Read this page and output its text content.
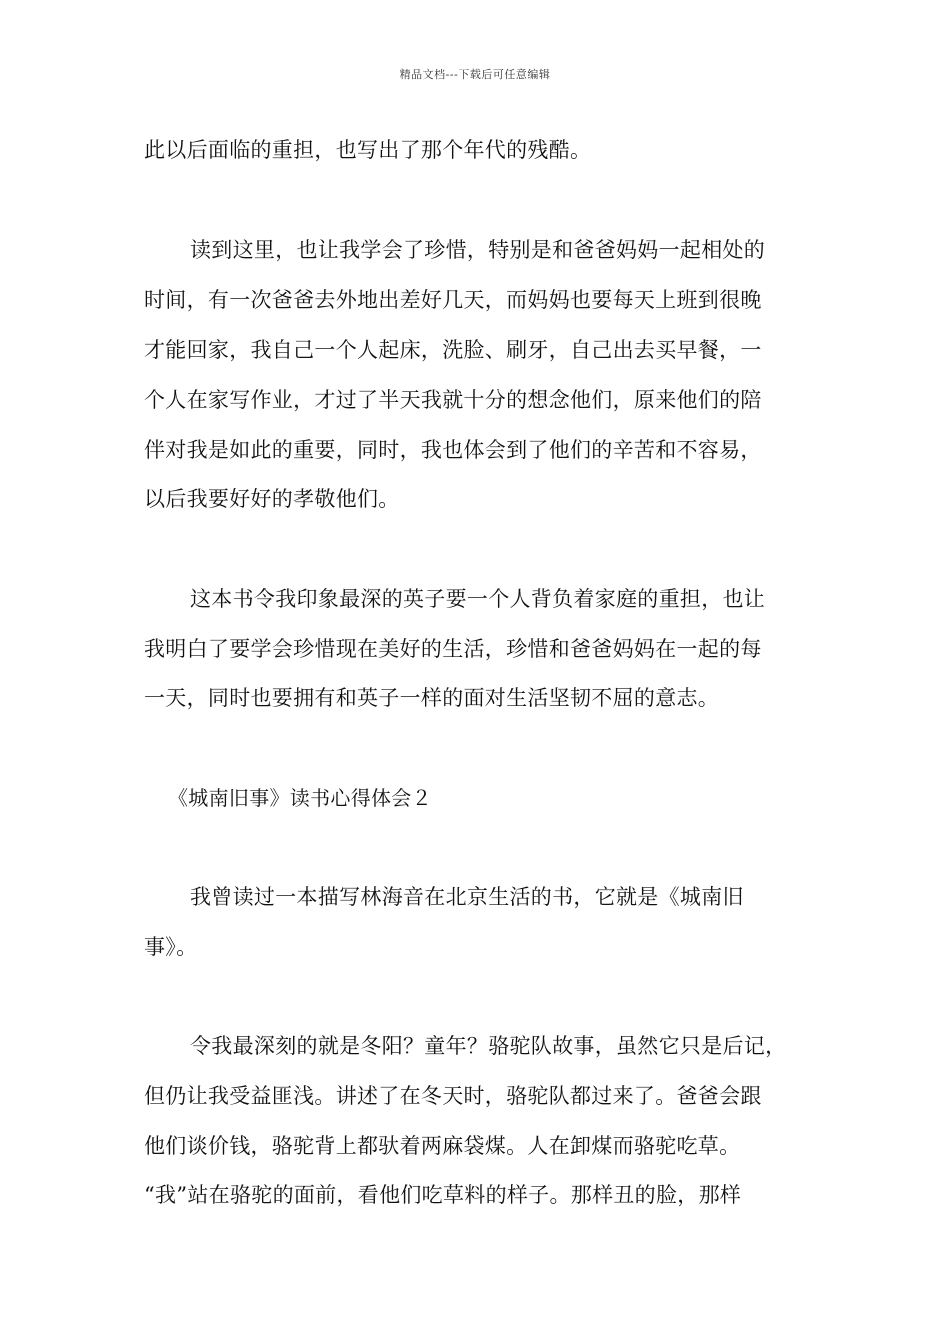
精品文档---下载后可任意编辑
此以后面临的重担，也写出了那个年代的残酷。
读到这里，也让我学会了珍惜，特别是和爸爸妈妈一起相处的
时间，有一次爸爸去外地出差好几天，而妈妈也要每天上班到很晚
才能回家，我自己一个人起床，洗脸、刷牙，自己出去买早餐，一
个人在家写作业，才过了半天我就十分的想念他们，原来他们的陪
伴对我是如此的重要，同时，我也体会到了他们的辛苦和不容易，
以后我要好好的孝敬他们。
这本书令我印象最深的英子要一个人背负着家庭的重担，也让
我明白了要学会珍惜现在美好的生活，珍惜和爸爸妈妈在一起的每
一天，同时也要拥有和英子一样的面对生活坚韧不屈的意志。
《城南旧事》读书心得体会２
我曾读过一本描写林海音在北京生活的书，它就是《城南旧
事》。
令我最深刻的就是冬阳？童年？骆驼队故事，虽然它只是后记，
但仍让我受益匪浅。讲述了在冬天时，骆驼队都过来了。爸爸会跟
他们谈价钱，骆驼背上都驮着两麻袋煤。人在卸煤而骆驼吃草。
“我”站在骆驼的面前，看他们吃草料的样子。那样丑的脸，那样
